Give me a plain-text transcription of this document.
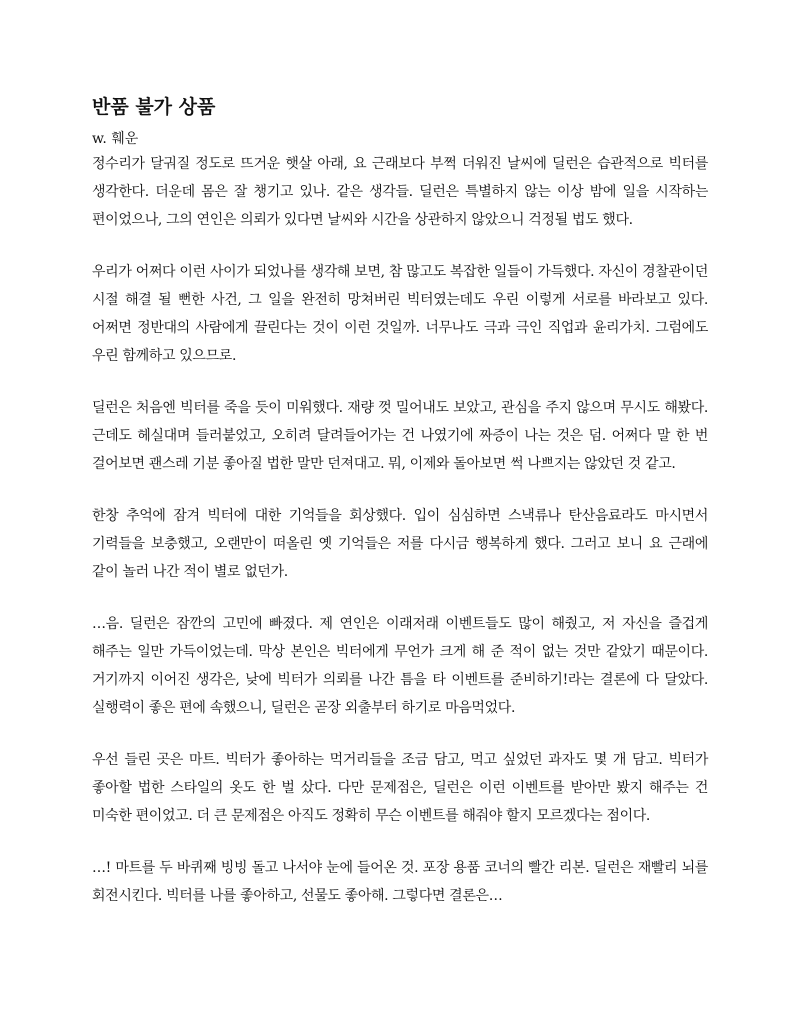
반품 불가 상품
w. 훼운

정수리가 달궈질 정도로 뜨거운 햇살 아래, 요 근래보다 부쩍 더워진 날씨에 딜런은 습관적으로 빅터를 생각한다. 더운데 몸은 잘 챙기고 있나. 같은 생각들. 딜런은 특별하지 않는 이상 밤에 일을 시작하는 편이었으나, 그의 연인은 의뢰가 있다면 날씨와 시간을 상관하지 않았으니 걱정될 법도 했다.

우리가 어쩌다 이런 사이가 되었나를 생각해 보면, 참 많고도 복잡한 일들이 가득했다. 자신이 경찰관이던 시절 해결 될 뻔한 사건, 그 일을 완전히 망쳐버린 빅터였는데도 우린 이렇게 서로를 바라보고 있다. 어쩌면 정반대의 사람에게 끌린다는 것이 이런 것일까. 너무나도 극과 극인 직업과 윤리가치. 그럼에도 우린 함께하고 있으므로.

딜런은 처음엔 빅터를 죽을 듯이 미워했다. 재량 껏 밀어내도 보았고, 관심을 주지 않으며 무시도 해봤다. 근데도 헤실대며 들러붙었고, 오히려 달려들어가는 건 나였기에 짜증이 나는 것은 덤. 어쩌다 말 한 번 걸어보면 괜스레 기분 좋아질 법한 말만 던져대고. 뭐, 이제와 돌아보면 썩 나쁘지는 않았던 것 같고.

한창 추억에 잠겨 빅터에 대한 기억들을 회상했다. 입이 심심하면 스낵류나 탄산음료라도 마시면서 기력들을 보충했고, 오랜만이 떠올린 옛 기억들은 저를 다시금 행복하게 했다. 그러고 보니 요 근래에 같이 놀러 나간 적이 별로 없던가.

…음. 딜런은 잠깐의 고민에 빠졌다. 제 연인은 이래저래 이벤트들도 많이 해줬고, 저 자신을 즐겁게 해주는 일만 가득이었는데. 막상 본인은 빅터에게 무언가 크게 해 준 적이 없는 것만 같았기 때문이다. 거기까지 이어진 생각은, 낮에 빅터가 의뢰를 나간 틈을 타 이벤트를 준비하기!라는 결론에 다 달았다. 실행력이 좋은 편에 속했으니, 딜런은 곧장 외출부터 하기로 마음먹었다.

우선 들린 곳은 마트. 빅터가 좋아하는 먹거리들을 조금 담고, 먹고 싶었던 과자도 몇 개 담고. 빅터가 좋아할 법한 스타일의 옷도 한 벌 샀다. 다만 문제점은, 딜런은 이런 이벤트를 받아만 봤지 해주는 건 미숙한 편이었고. 더 큰 문제점은 아직도 정확히 무슨 이벤트를 해줘야 할지 모르겠다는 점이다.

…! 마트를 두 바퀴째 빙빙 돌고 나서야 눈에 들어온 것. 포장 용품 코너의 빨간 리본. 딜런은 재빨리 뇌를 회전시킨다. 빅터를 나를 좋아하고, 선물도 좋아해. 그렇다면 결론은…
